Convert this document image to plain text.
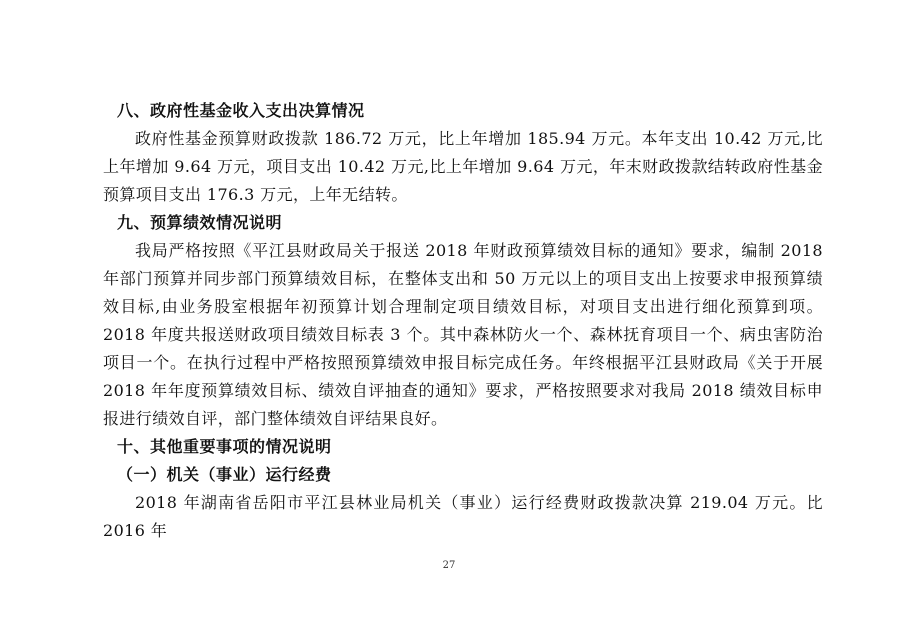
八、政府性基金收入支出决算情况

政府性基金预算财政拨款 186.72 万元，比上年增加 185.94 万元。本年支出 10.42 万元,比上年增加 9.64 万元，项目支出 10.42 万元,比上年增加 9.64 万元，年末财政拨款结转政府性基金预算项目支出 176.3 万元，上年无结转。

九、预算绩效情况说明

我局严格按照《平江县财政局关于报送 2018 年财政预算绩效目标的通知》要求，编制 2018 年部门预算并同步部门预算绩效目标，在整体支出和 50 万元以上的项目支出上按要求申报预算绩效目标,由业务股室根据年初预算计划合理制定项目绩效目标，对项目支出进行细化预算到项。2018 年度共报送财政项目绩效目标表 3 个。其中森林防火一个、森林抚育项目一个、病虫害防治项目一个。在执行过程中严格按照预算绩效申报目标完成任务。年终根据平江县财政局《关于开展 2018 年年度预算绩效目标、绩效自评抽查的通知》要求，严格按照要求对我局 2018 绩效目标申报进行绩效自评，部门整体绩效自评结果良好。

十、其他重要事项的情况说明
（一）机关（事业）运行经费

2018 年湖南省岳阳市平江县林业局机关（事业）运行经费财政拨款决算 219.04 万元。比 2016 年

27
